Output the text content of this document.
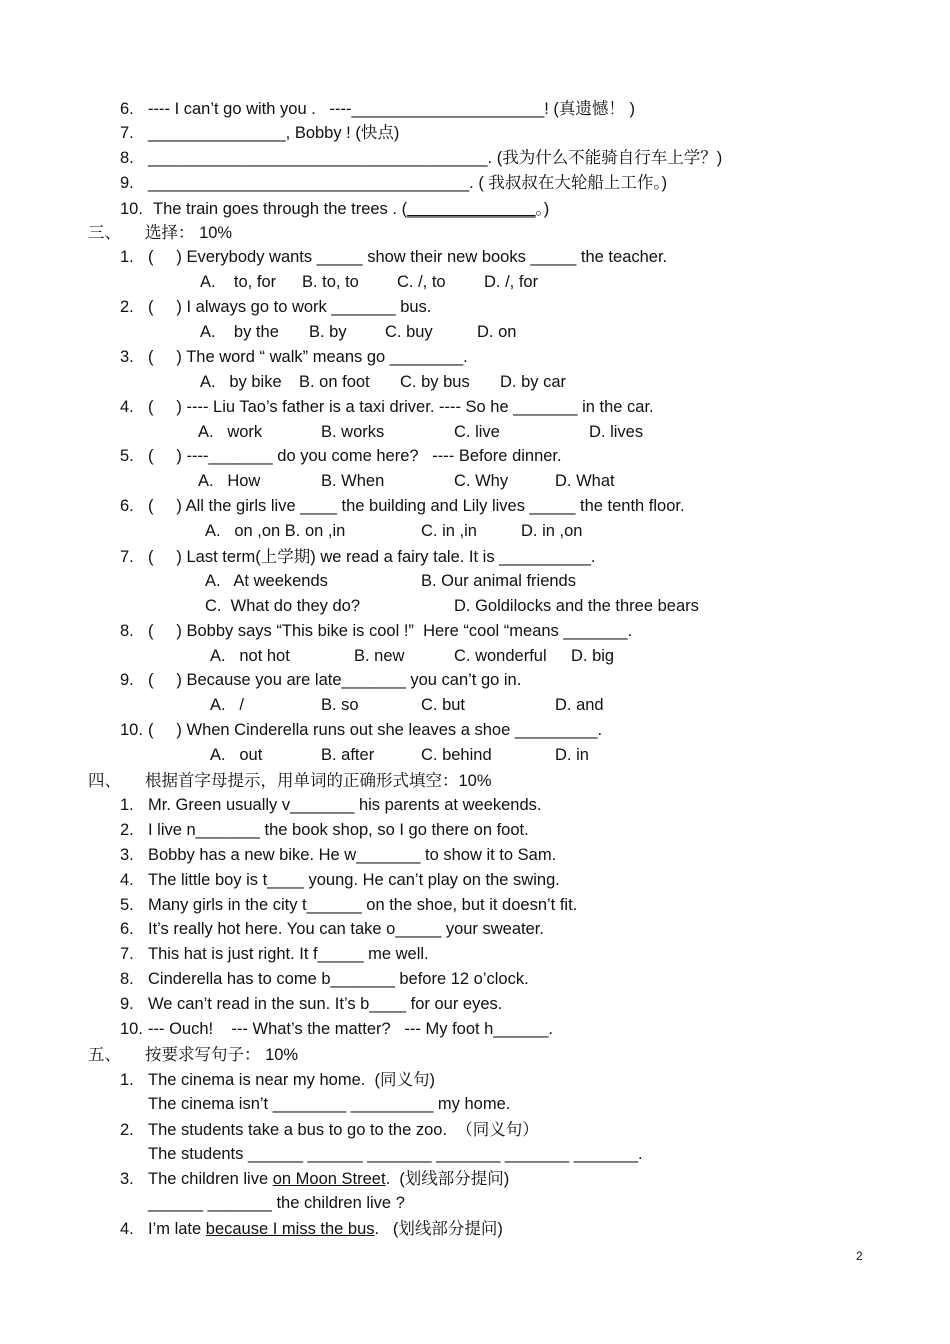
6. ---- I can’t go with you .   ----_____________________! (真遗憾！ )
7. _______________, Bobby ! (快点)
8. _____________________________________. (我为什么不能骑自行车上学？)
9. ___________________________________. ( 我叔叔在大轮船上工作。)
10. The train goes through the trees . (______________。)
三、 选择： 10%
1. (     ) Everybody wants _____ show their new books _____ the teacher.
A.    to, for B. to, to C. /, to D. /, for
2. (     ) I always go to work _______ bus.
A.    by the B. by C. buy	D. on
3. (     ) The word “ walk” means go ________.
A.   by bike B. on foot C. by bus D. by car
4. (     ) ---- Liu Tao’s father is a taxi driver. ---- So he _______ in the car.
A.   work	B. works	C. live	D. lives
5. (     ) ----_______ do you come here?   ---- Before dinner.
A.   How	B. When	C. Why	D. What
6. (     ) All the girls live ____ the building and Lily lives _____ the tenth floor.
A.   on ,on B. on ,in	C. in ,in	D. in ,on
7. (     ) Last term(上学期) we read a fairy tale. It is __________.
A.   At weekends	B. Our animal friends
C.  What do they do?	D. Goldilocks and the three bears
8. (     ) Bobby says “This bike is cool !”  Here “cool “means _______.
A.   not hot	B. new	C. wonderful D. big
9. (     ) Because you are late_______ you can’t go in.
A.   /	B. so	C. but	D. and
10. (     ) When Cinderella runs out she leaves a shoe _________.
A.   out	B. after	C. behind	D. in
四、 根据首字母提示，用单词的正确形式填空：10%
1. Mr. Green usually v_______ his parents at weekends.
2. I live n_______ the book shop, so I go there on foot.
3. Bobby has a new bike. He w_______ to show it to Sam.
4. The little boy is t____ young. He can’t play on the swing.
5. Many girls in the city t______ on the shoe, but it doesn’t fit.
6. It’s really hot here. You can take o_____ your sweater.
7. This hat is just right. It f_____ me well.
8. Cinderella has to come b_______ before 12 o’clock.
9. We can’t read in the sun. It’s b____ for our eyes.
10. --- Ouch!    --- What’s the matter?   --- My foot h______.
五、 按要求写句子： 10%
1. The cinema is near my home.  (同义句)
The cinema isn’t ________ _________ my home.
2. The students take a bus to go to the zoo.  （同义句）
The students ______ ______ _______ _______ _______ _______.
3. The children live on Moon Street.  (划线部分提问)
______ _______ the children live ?
4. I’m late because I miss the bus.   (划线部分提问)
2
